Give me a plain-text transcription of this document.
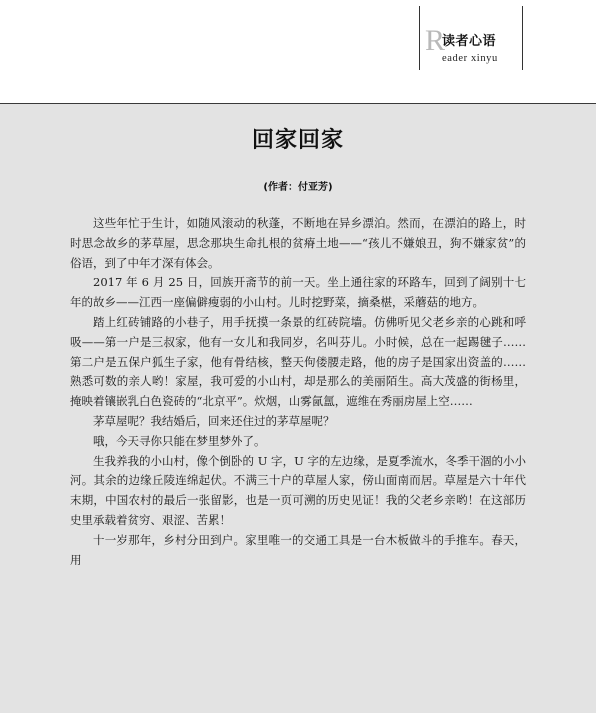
R
读者心语
eader xinyu
回家回家
(作者：付亚芳)

这些年忙于生计，如随风滚动的秋蓬，不断地在异乡漂泊。然而，在漂泊的路上，时时思念故乡的茅草屋，思念那块生命扎根的贫瘠土地——“孩儿不嫌娘丑，狗不嫌家贫”的俗语，到了中年才深有体会。

2017 年 6 月 25 日，回族开斋节的前一天。坐上通往家的环路车，回到了阔别十七年的故乡——江西一座偏僻瘦弱的小山村。儿时挖野菜，摘桑椹，采蘑菇的地方。

踏上红砖铺路的小巷子，用手抚摸一条景的红砖院墙。仿佛听见父老乡亲的心跳和呼吸——第一户是三叔家，他有一女儿和我同岁，名叫芬儿。小时候，总在一起踢毽子……第二户是五保户狐生子家，他有骨结核，整天佝偻腰走路，他的房子是国家出资盖的……熟悉可数的亲人哟！家屋，我可爱的小山村，却是那么的美丽陌生。高大茂盛的街杨里，掩映着镶嵌乳白色瓷砖的“北京平”。炊烟，山雾氤氲，遮维在秀丽房屋上空……

茅草屋呢？我结婚后，回来还住过的茅草屋呢？

哦，今天寻你只能在梦里梦外了。

生我养我的小山村，像个倒卧的 U 字，U 字的左边缘，是夏季流水，冬季干涸的小小河。其余的边缘丘陵连绵起伏。不满三十户的草屋人家，傍山面南而居。草屋是六十年代末期，中国农村的最后一张留影，也是一页可溯的历史见证！我的父老乡亲哟！在这部历史里承载着贫穷、艰涩、苦累！

十一岁那年，乡村分田到户。家里唯一的交通工具是一台木板做斗的手推车。春天，用
